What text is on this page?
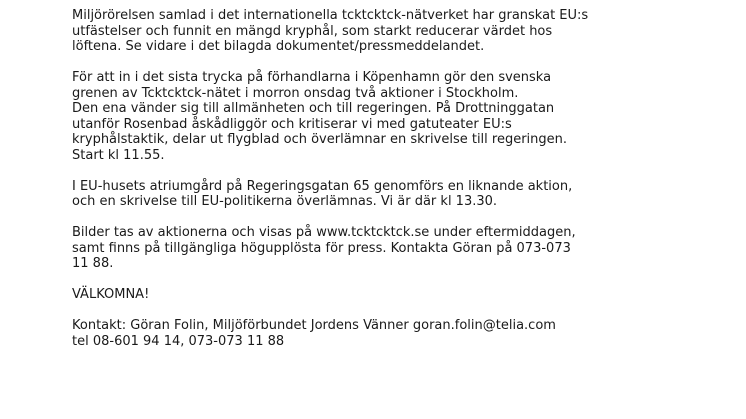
Miljörörelsen samlad i det internationella tcktcktck-nätverket har granskat EU:s
utfästelser och funnit en mängd kryphål, som starkt reducerar värdet hos
löftena. Se vidare i det bilagda dokumentet/pressmeddelandet.

För att in i det sista trycka på förhandlarna i Köpenhamn gör den svenska
grenen av Tcktcktck-nätet i morron onsdag två aktioner i Stockholm.
Den ena vänder sig till allmänheten och till regeringen. På Drottninggatan
utanför Rosenbad åskådliggör och kritiserar vi med gatuteater EU:s
kryphålstaktik, delar ut flygblad och överlämnar en skrivelse till regeringen.
Start kl 11.55.

I EU-husets atriumgård på Regeringsgatan 65 genomförs en liknande aktion,
och en skrivelse till EU-politikerna överlämnas. Vi är där kl 13.30.

Bilder tas av aktionerna och visas på www.tcktcktck.se under eftermiddagen,
samt finns på tillgängliga högupplösta för press. Kontakta Göran på 073-073
11 88.

VÄLKOMNA!

Kontakt: Göran Folin, Miljöförbundet Jordens Vänner goran.folin@telia.com
tel 08-601 94 14, 073-073 11 88
